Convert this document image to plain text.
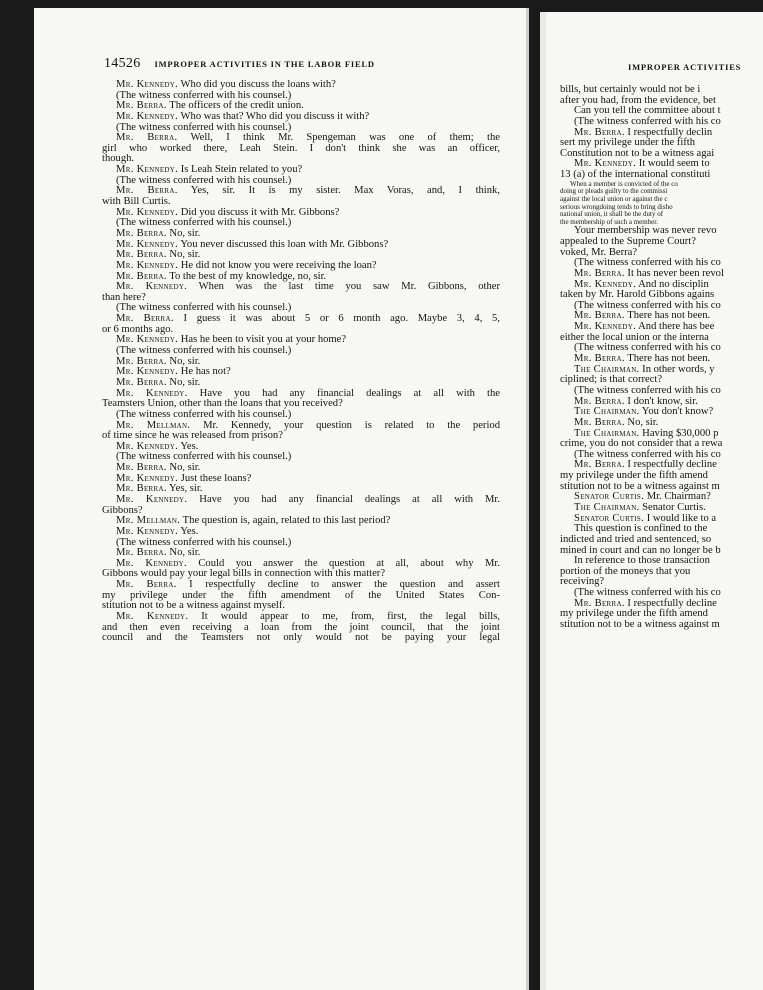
14526 IMPROPER ACTIVITIES IN THE LABOR FIELD
Mr. Kennedy. Who did you discuss the loans with?
(The witness conferred with his counsel.)
Mr. Berra. The officers of the credit union.
Mr. Kennedy. Who was that? Who did you discuss it with?
(The witness conferred with his counsel.)
Mr. Berra. Well, I think Mr. Spengeman was one of them; the
girl who worked there, Leah Stein. I don't think she was an officer,
though.
Mr. Kennedy. Is Leah Stein related to you?
(The witness conferred with his counsel.)
Mr. Berra. Yes, sir. It is my sister. Max Voras, and, I think,
with Bill Curtis.
Mr. Kennedy. Did you discuss it with Mr. Gibbons?
(The witness conferred with his counsel.)
Mr. Berra. No, sir.
Mr. Kennedy. You never discussed this loan with Mr. Gibbons?
Mr. Berra. No, sir.
Mr. Kennedy. He did not know you were receiving the loan?
Mr. Berra. To the best of my knowledge, no, sir.
Mr. Kennedy. When was the last time you saw Mr. Gibbons, other
than here?
(The witness conferred with his counsel.)
Mr. Berra. I guess it was about 5 or 6 month ago. Maybe 3, 4, 5,
or 6 months ago.
Mr. Kennedy. Has he been to visit you at your home?
(The witness conferred with his counsel.)
Mr. Berra. No, sir.
Mr. Kennedy. He has not?
Mr. Berra. No, sir.
Mr. Kennedy. Have you had any financial dealings at all with the
Teamsters Union, other than the loans that you received?
(The witness conferred with his counsel.)
Mr. Mellman. Mr. Kennedy, your question is related to the period
of time since he was released from prison?
Mr. Kennedy. Yes.
(The witness conferred with his counsel.)
Mr. Berra. No, sir.
Mr. Kennedy. Just these loans?
Mr. Berra. Yes, sir.
Mr. Kennedy. Have you had any financial dealings at all with Mr.
Gibbons?
Mr. Mellman. The question is, again, related to this last period?
Mr. Kennedy. Yes.
(The witness conferred with his counsel.)
Mr. Berra. No, sir.
Mr. Kennedy. Could you answer the question at all, about why Mr.
Gibbons would pay your legal bills in connection with this matter?
Mr. Berra. I respectfully decline to answer the question and assert
my privilege under the fifth amendment of the United States Con-
stitution not to be a witness against myself.
Mr. Kennedy. It would appear to me, from, first, the legal bills,
and then even receiving a loan from the joint council, that the joint
council and the Teamsters not only would not be paying your legal
IMPROPER ACTIVITIES
bills, but certainly would not be i
after you had, from the evidence, bet
Can you tell the committee about t
(The witness conferred with his co
Mr. Berra. I respectfully declin
sert my privilege under the fifth
Constitution not to be a witness agai
Mr. Kennedy. It would seem to
13 (a) of the international constituti
When a member is convicted of the co
doing or pleads guilty to the commissi
against the local union or against the c
serious wrongdoing tends to bring disho
national union, it shall be the duty of
the membership of such a member.
Your membership was never revo
appealed to the Supreme Court?
voked, Mr. Berra?
(The witness conferred with his co
Mr. Berra. It has never been revol
Mr. Kennedy. And no disciplin
taken by Mr. Harold Gibbons agains
(The witness conferred with his co
Mr. Berra. There has not been.
Mr. Kennedy. And there has bee
either the local union or the interna
(The witness conferred with his co
Mr. Berra. There has not been.
The Chairman. In other words, y
ciplined; is that correct?
(The witness conferred with his co
Mr. Berra. I don't know, sir.
The Chairman. You don't know?
Mr. Berra. No, sir.
The Chairman. Having $30,000 p
crime, you do not consider that a rewa
(The witness conferred with his co
Mr. Berra. I respectfully decline
my privilege under the fifth amend
stitution not to be a witness against m
Senator Curtis. Mr. Chairman?
The Chairman. Senator Curtis.
Senator Curtis. I would like to a
This question is confined to the
indicted and tried and sentenced, so
mined in court and can no longer be b
In reference to those transaction
portion of the moneys that you
receiving?
(The witness conferred with his co
Mr. Berra. I respectfully decline
my privilege under the fifth amend
stitution not to be a witness against m
